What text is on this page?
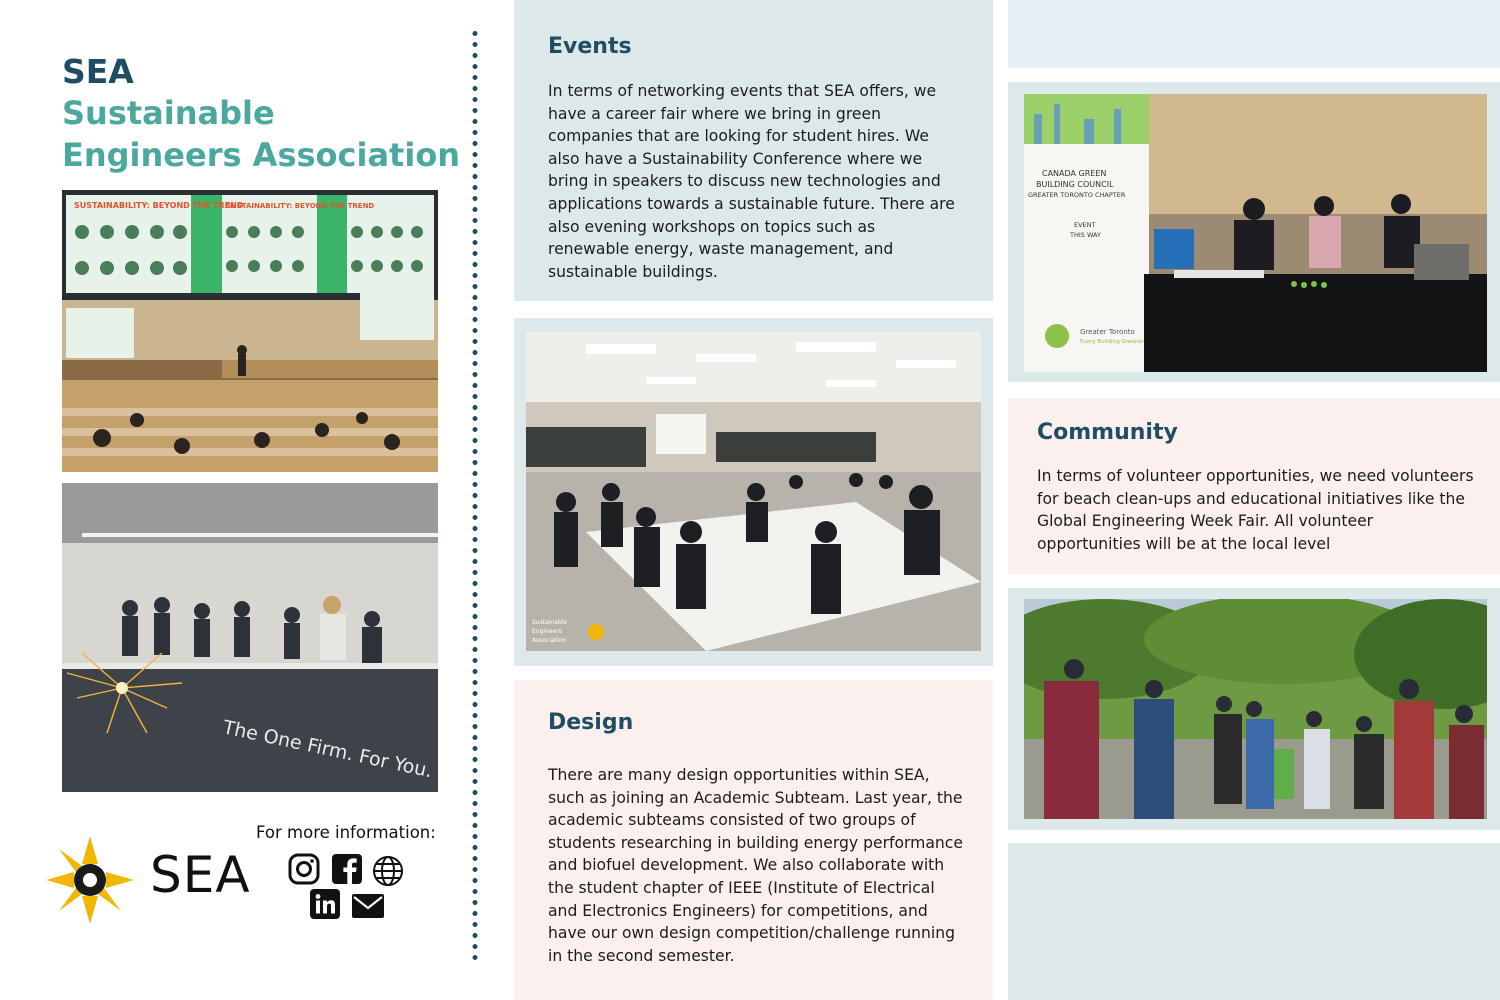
SEA
Sustainable Engineers Association
SUSTAINABILITY: BEYOND THE TREND
SUSTAINABILITY: BEYOND THE TREND
The One Firm. For You.
SEA
For more information:
Events
In terms of networking events that SEA offers, we have a career fair where we bring in green companies that are looking for student hires. We also have a Sustainability Conference where we bring in speakers to discuss new technologies and applications towards a sustainable future. There are also evening workshops on topics such as renewable energy, waste management, and sustainable buildings.
Sustainable
Engineers
Association
Design
There are many design opportunities within SEA, such as joining an Academic Subteam. Last year, the academic subteams consisted of two groups of students researching in building energy performance and biofuel development. We also collaborate with the student chapter of IEEE (Institute of Electrical and Electronics Engineers) for competitions, and have our own design competition/challenge running in the second semester.
CANADA GREEN
BUILDING COUNCIL
GREATER TORONTO CHAPTER
EVENT
THIS WAY
Greater Toronto
Every Building Greener
Community
In terms of volunteer opportunities, we need volunteers for beach clean-ups and educational initiatives like the Global Engineering Week Fair. All volunteer opportunities will be at the local level
